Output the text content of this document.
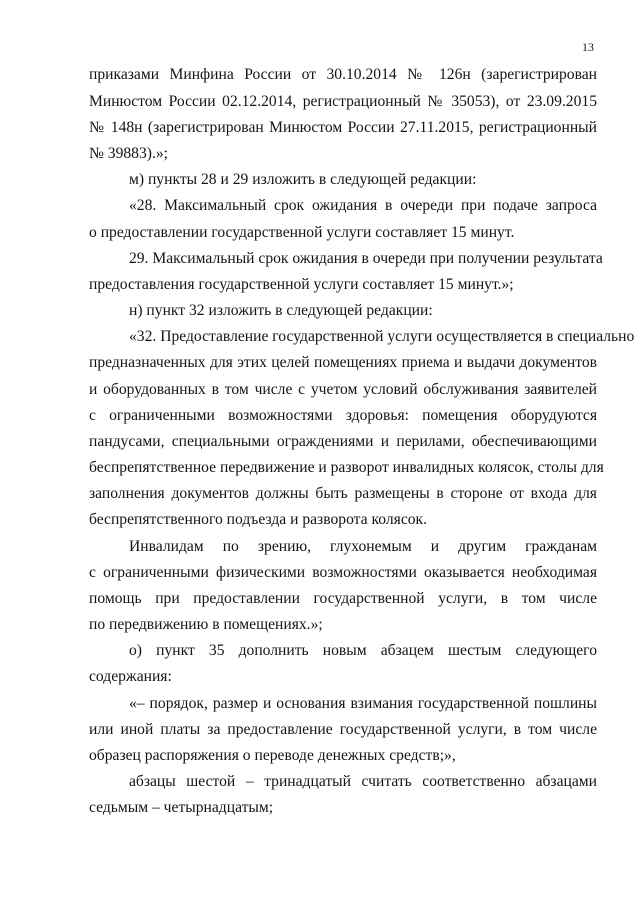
13
приказами Минфина России от 30.10.2014 № 126н (зарегистрирован
Минюстом России 02.12.2014, регистрационный № 35053), от 23.09.2015
№ 148н (зарегистрирован Минюстом России 27.11.2015, регистрационный
№ 39883).»;
м) пункты 28 и 29 изложить в следующей редакции:
«28. Максимальный срок ожидания в очереди при подаче запроса
о предоставлении государственной услуги составляет 15 минут.
29. Максимальный срок ожидания в очереди при получении результата
предоставления государственной услуги составляет 15 минут.»;
н) пункт 32 изложить в следующей редакции:
«32. Предоставление государственной услуги осуществляется в специально
предназначенных для этих целей помещениях приема и выдачи документов
и оборудованных в том числе с учетом условий обслуживания заявителей
с ограниченными возможностями здоровья: помещения оборудуются
пандусами, специальными ограждениями и перилами, обеспечивающими
беспрепятственное передвижение и разворот инвалидных колясок, столы для
заполнения документов должны быть размещены в стороне от входа для
беспрепятственного подъезда и разворота колясок.
Инвалидам по зрению, глухонемым и другим гражданам
с ограниченными физическими возможностями оказывается необходимая
помощь при предоставлении государственной услуги, в том числе
по передвижению в помещениях.»;
о) пункт 35 дополнить новым абзацем шестым следующего
содержания:
«– порядок, размер и основания взимания государственной пошлины
или иной платы за предоставление государственной услуги, в том числе
образец распоряжения о переводе денежных средств;»,
абзацы шестой – тринадцатый считать соответственно абзацами
седьмым – четырнадцатым;
